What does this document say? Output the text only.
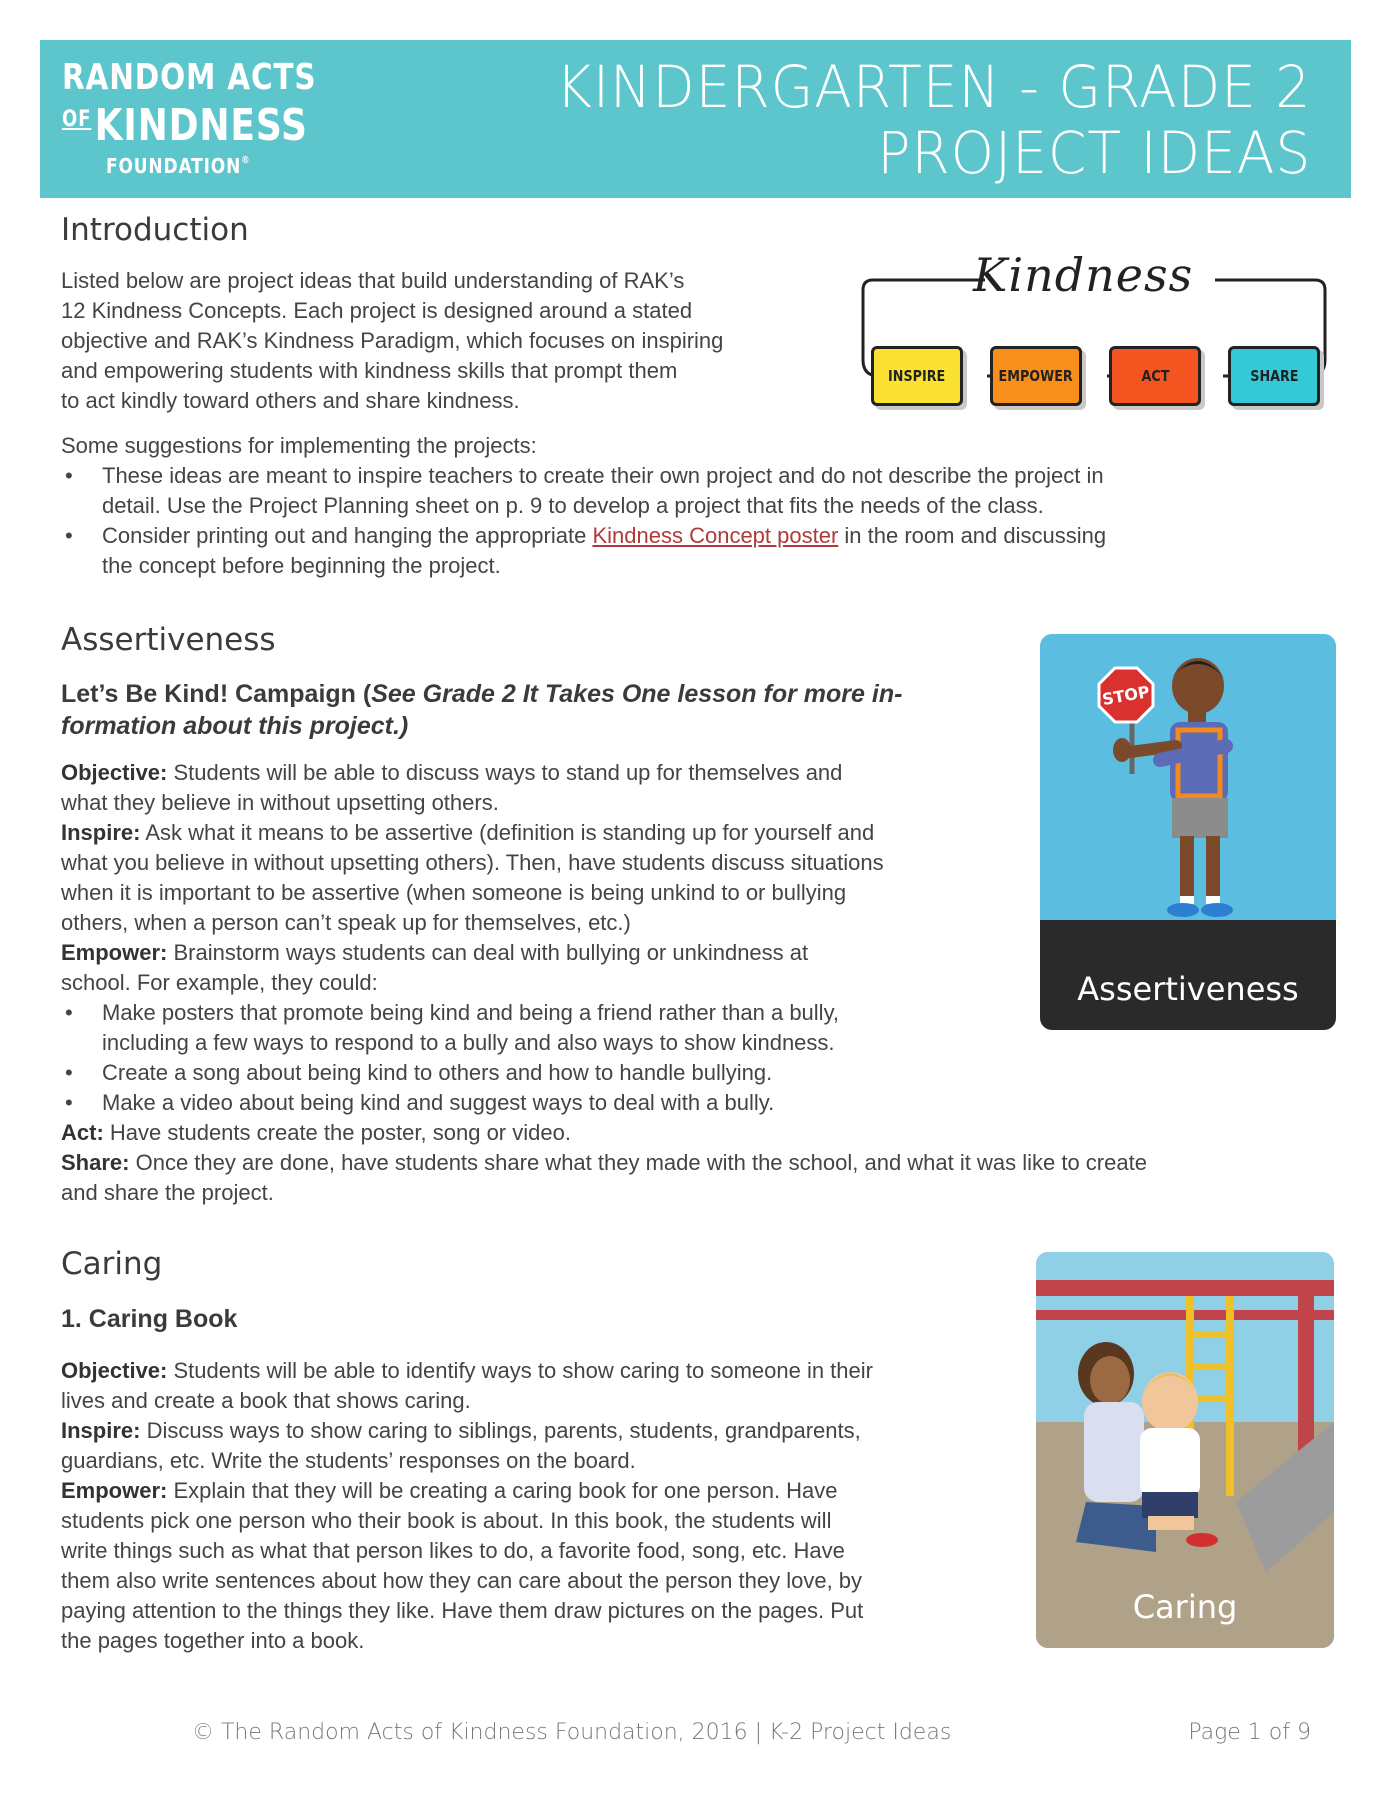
RANDOM ACTS
$^{OF}$KINDNESS
FOUNDATION®
KINDERGARTEN - GRADE 2
PROJECT IDEAS
Introduction

Listed below are project ideas that build understanding of RAK’s

12 Kindness Concepts. Each project is designed around a stated

objective and RAK’s Kindness Paradigm, which focuses on inspiring

and empowering students with kindness skills that prompt them

to act kindly toward others and share kindness.

Kindness
INSPIRE	EMPOWER	ACT	SHARE

Some suggestions for implementing the projects:

• These ideas are meant to inspire teachers to create their own project and do not describe the project in
detail. Use the Project Planning sheet on p. 9 to develop a project that fits the needs of the class.
• Consider printing out and hanging the appropriate Kindness Concept poster in the room and discussing
the concept before beginning the project.
Assertiveness
Let’s Be Kind! Campaign (See Grade 2 It Takes One lesson for more in-
formation about this project.)

Objective: Students will be able to discuss ways to stand up for themselves and

what they believe in without upsetting others.

Inspire: Ask what it means to be assertive (definition is standing up for yourself and

what you believe in without upsetting others). Then, have students discuss situations

when it is important to be assertive (when someone is being unkind to or bullying

others, when a person can’t speak up for themselves, etc.)

Empower: Brainstorm ways students can deal with bullying or unkindness at

school. For example, they could:

• Make posters that promote being kind and being a friend rather than a bully,
including a few ways to respond to a bully and also ways to show kindness.
• Create a song about being kind to others and how to handle bullying.
• Make a video about being kind and suggest ways to deal with a bully.

Act: Have students create the poster, song or video.

Share: Once they are done, have students share what they made with the school, and what it was like to create

and share the project.

STOP
Assertiveness
Caring
1. Caring Book

Objective: Students will be able to identify ways to show caring to someone in their

lives and create a book that shows caring.

Inspire: Discuss ways to show caring to siblings, parents, students, grandparents,

guardians, etc. Write the students’ responses on the board.

Empower: Explain that they will be creating a caring book for one person. Have

students pick one person who their book is about. In this book, the students will

write things such as what that person likes to do, a favorite food, song, etc. Have

them also write sentences about how they can care about the person they love, by

paying attention to the things they like. Have them draw pictures on the pages. Put

the pages together into a book.

Caring
© The Random Acts of Kindness Foundation, 2016 | K-2 Project Ideas	Page 1 of 9
